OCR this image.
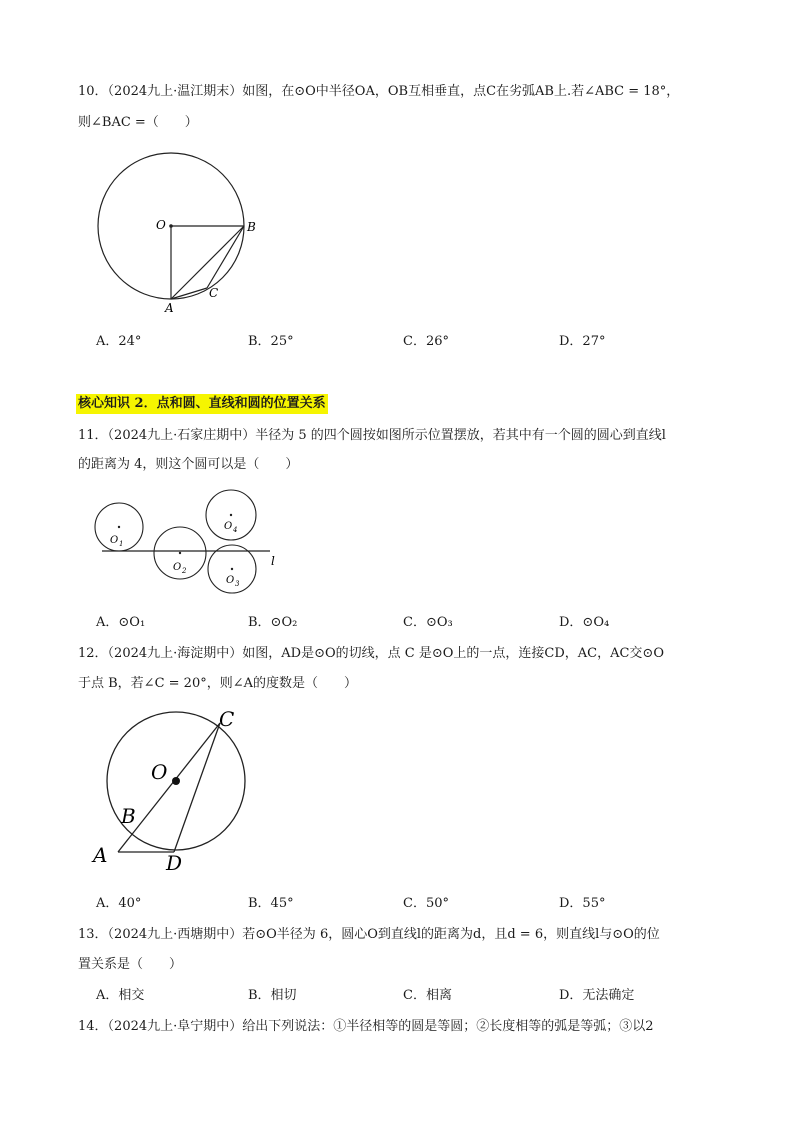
10．（2024九上·温江期末）如图，在⊙O中半径OA，OB互相垂直，点C在劣弧AB上.若∠ABC = 18°，
则∠BAC =（　　）
O	B
A
C
A．24°	B．25°	C．26°	D．27°
核心知识 2．点和圆、直线和圆的位置关系
11．（2024九上·石家庄期中）半径为 5 的四个圆按如图所示位置摆放，若其中有一个圆的圆心到直线l
的距离为 4，则这个圆可以是（　　）
O 1
O 2
O 3
O 4
l
A．⊙O₁	B．⊙O₂	C．⊙O₃	D．⊙O₄
12．（2024九上·海淀期中）如图，AD是⊙O的切线，点 C 是⊙O上的一点，连接CD，AC，AC交⊙O
于点 B，若∠C = 20°，则∠A的度数是（　　）
C
O
B
A	D
A．40°	B．45°	C．50°	D．55°
13．（2024九上·西塘期中）若⊙O半径为 6，圆心O到直线l的距离为d，且d = 6，则直线l与⊙O的位
置关系是（　　）
A．相交	B．相切	C．相离	D．无法确定
14．（2024九上·阜宁期中）给出下列说法：①半径相等的圆是等圆；②长度相等的弧是等弧；③以2
